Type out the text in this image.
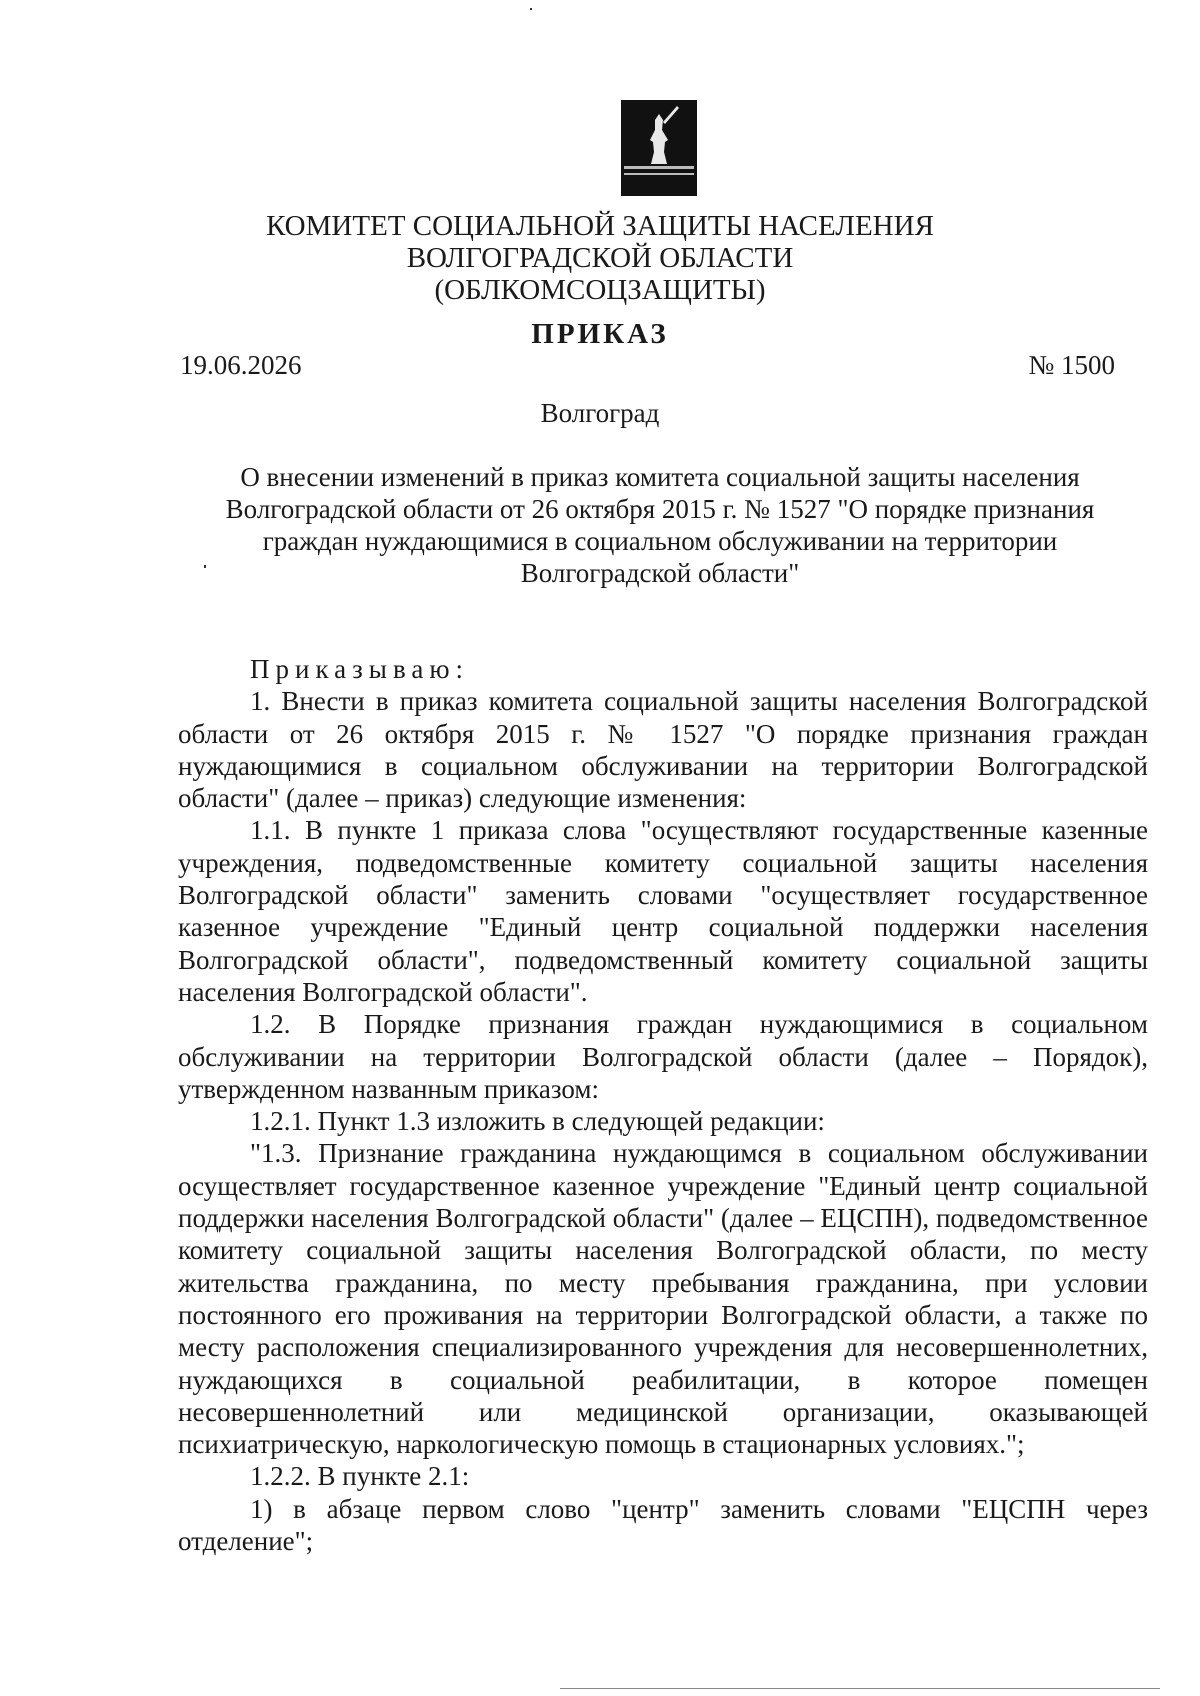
КОМИТЕТ СОЦИАЛЬНОЙ ЗАЩИТЫ НАСЕЛЕНИЯ
ВОЛГОГРАДСКОЙ ОБЛАСТИ
(ОБЛКОМСОЦЗАЩИТЫ)
ПРИКАЗ
19.06.2026	№ 1500
Волгоград
О внесении изменений в приказ комитета социальной защиты населения
Волгоградской области от 26 октября 2015 г. № 1527 "О порядке признания
граждан нуждающимися в социальном обслуживании на территории
Волгоградской области"

Приказываю:

1. Внести в приказ комитета социальной защиты населения Волгоградской области от 26 октября 2015 г. № 1527 "О порядке признания граждан нуждающимися в социальном обслуживании на территории Волгоградской области" (далее – приказ) следующие изменения:

1.1. В пункте 1 приказа слова "осуществляют государственные казенные учреждения, подведомственные комитету социальной защиты населения Волгоградской области" заменить словами "осуществляет государственное казенное учреждение "Единый центр социальной поддержки населения Волгоградской области", подведомственный комитету социальной защиты населения Волгоградской области".

1.2. В Порядке признания граждан нуждающимися в социальном обслуживании на территории Волгоградской области (далее – Порядок), утвержденном названным приказом:

1.2.1. Пункт 1.3 изложить в следующей редакции:

"1.3. Признание гражданина нуждающимся в социальном обслуживании осуществляет государственное казенное учреждение "Единый центр социальной поддержки населения Волгоградской области" (далее – ЕЦСПН), подведомственное комитету социальной защиты населения Волгоградской области, по месту жительства гражданина, по месту пребывания гражданина, при условии постоянного его проживания на территории Волгоградской области, а также по месту расположения специализированного учреждения для несовершеннолетних, нуждающихся в социальной реабилитации, в которое помещен несовершеннолетний или медицинской организации, оказывающей психиатрическую, наркологическую помощь в стационарных условиях.";

1.2.2. В пункте 2.1:

1) в абзаце первом слово "центр" заменить словами "ЕЦСПН через отделение";
